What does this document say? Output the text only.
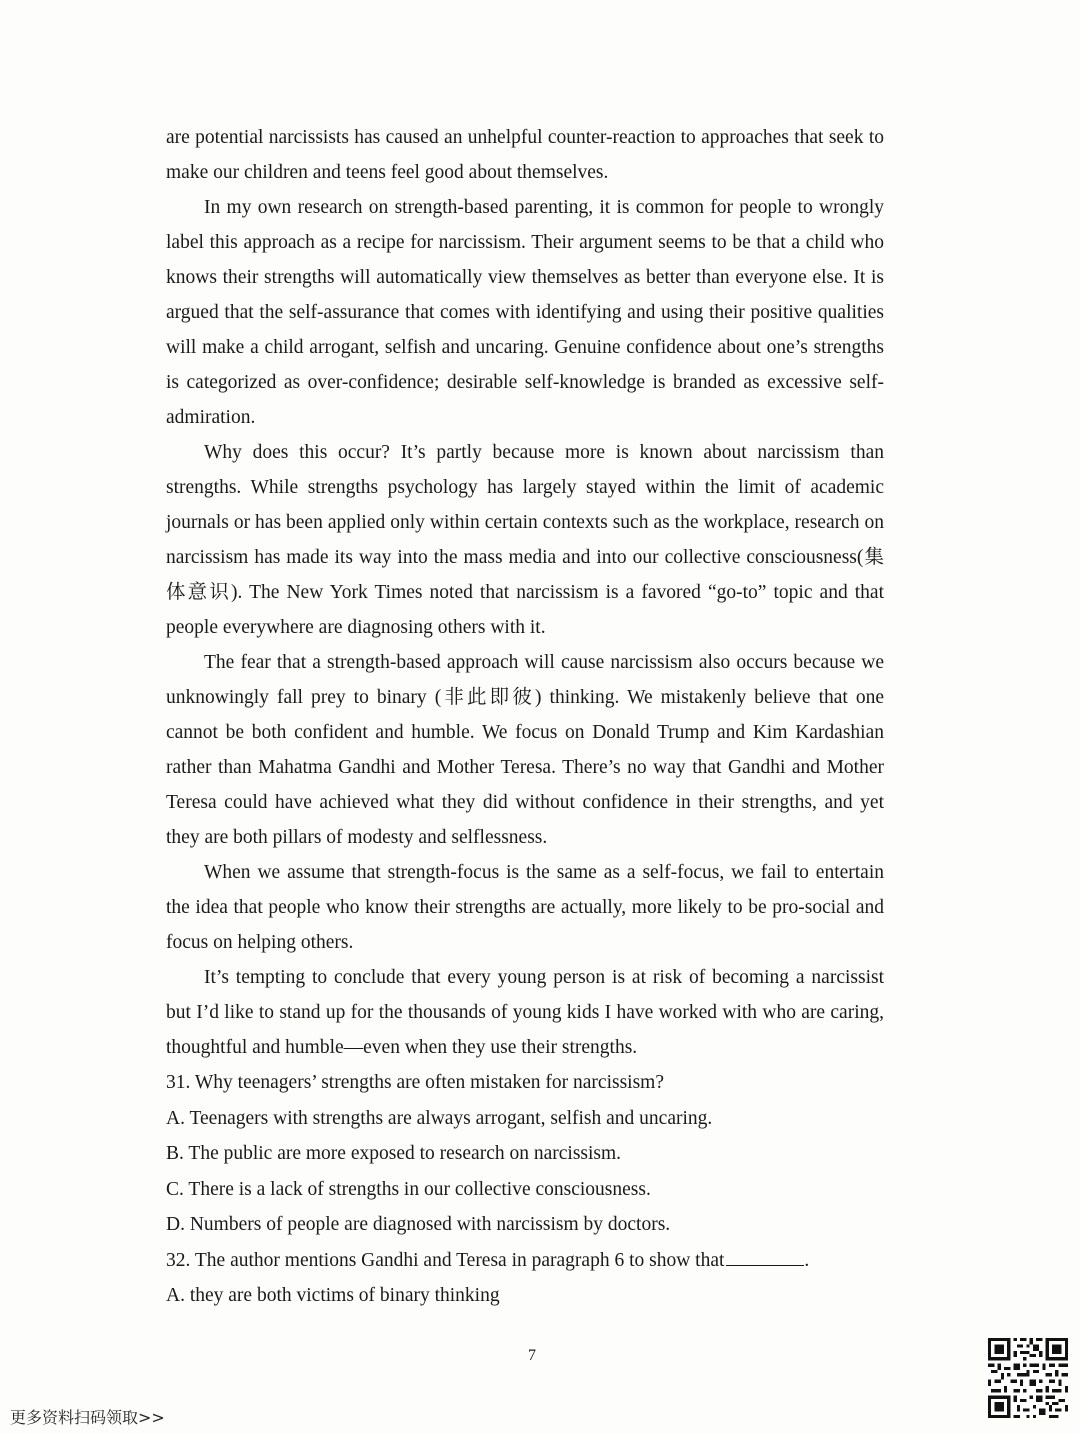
are potential narcissists has caused an unhelpful counter-reaction to approaches that seek to make our children and teens feel good about themselves.

In my own research on strength-based parenting, it is common for people to wrongly label this approach as a recipe for narcissism. Their argument seems to be that a child who knows their strengths will automatically view themselves as better than everyone else. It is argued that the self-assurance that comes with identifying and using their positive qualities will make a child arrogant, selfish and uncaring. Genuine confidence about one’s strengths is categorized as over-confidence; desirable self-knowledge is branded as excessive self-admiration.

Why does this occur? It’s partly because more is known about narcissism than strengths. While strengths psychology has largely stayed within the limit of academic journals or has been applied only within certain contexts such as the workplace, research on narcissism has made its way into the mass media and into our collective consciousness(集体意识). The New York Times noted that narcissism is a favored “go-to” topic and that people everywhere are diagnosing others with it.

The fear that a strength-based approach will cause narcissism also occurs because we unknowingly fall prey to binary (非此即彼) thinking. We mistakenly believe that one cannot be both confident and humble. We focus on Donald Trump and Kim Kardashian rather than Mahatma Gandhi and Mother Teresa. There’s no way that Gandhi and Mother Teresa could have achieved what they did without confidence in their strengths, and yet they are both pillars of modesty and selflessness.

When we assume that strength-focus is the same as a self-focus, we fail to entertain the idea that people who know their strengths are actually, more likely to be pro-social and focus on helping others.

It’s tempting to conclude that every young person is at risk of becoming a narcissist but I’d like to stand up for the thousands of young kids I have worked with who are caring, thoughtful and humble—even when they use their strengths.

31. Why teenagers’ strengths are often mistaken for narcissism?

A. Teenagers with strengths are always arrogant, selfish and uncaring.

B. The public are more exposed to research on narcissism.

C. There is a lack of strengths in our collective consciousness.

D. Numbers of people are diagnosed with narcissism by doctors.

32. The author mentions Gandhi and Teresa in paragraph 6 to show that	.

A. they are both victims of binary thinking

7
更多资料扫码领取>>
